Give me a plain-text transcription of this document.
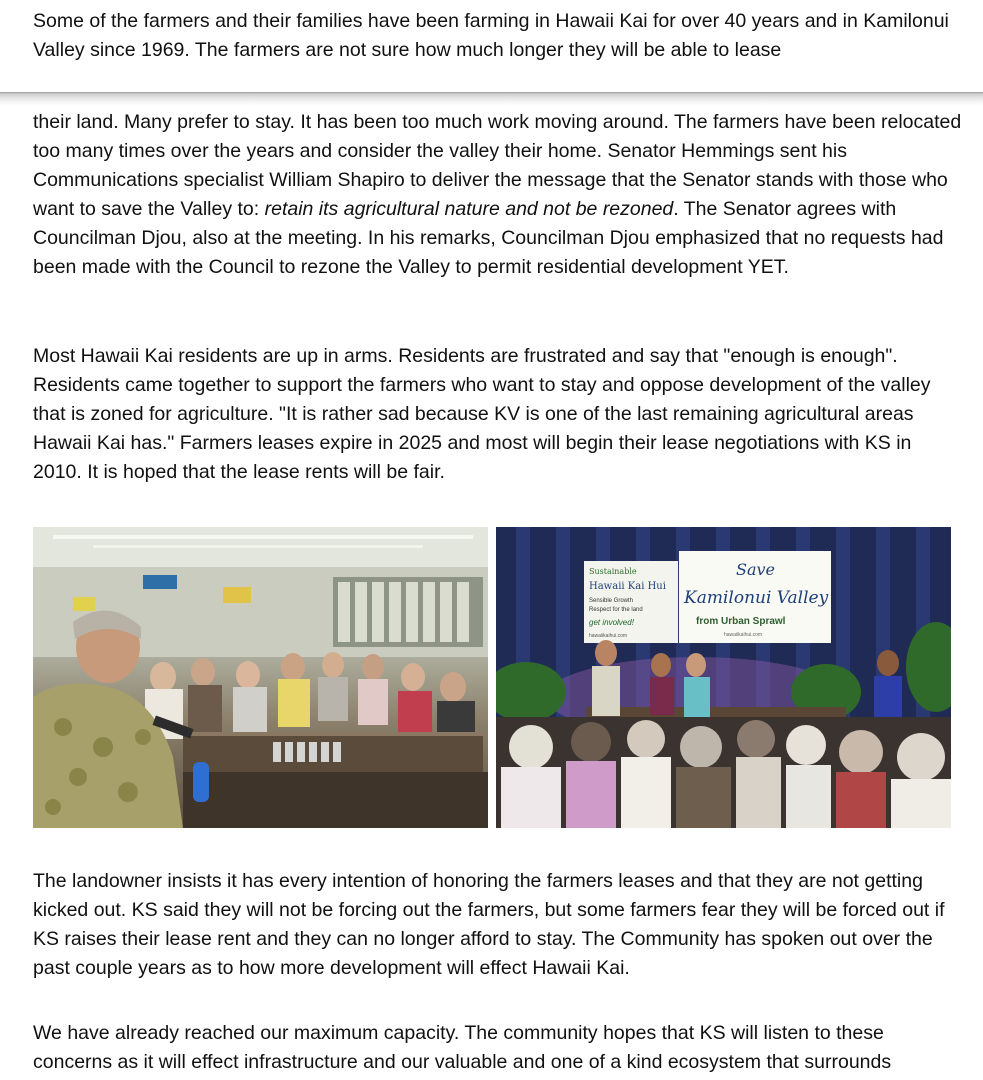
Some of the farmers and their families have been farming in Hawaii Kai for over 40 years and in Kamilonui Valley since 1969. The farmers are not sure how much longer they will be able to lease

their land. Many prefer to stay. It has been too much work moving around. The farmers have been relocated too many times over the years and consider the valley their home. Senator Hemmings sent his Communications specialist William Shapiro to deliver the message that the Senator stands with those who want to save the Valley to: retain its agricultural nature and not be rezoned. The Senator agrees with Councilman Djou, also at the meeting. In his remarks, Councilman Djou emphasized that no requests had been made with the Council to rezone the Valley to permit residential development YET.

Most Hawaii Kai residents are up in arms. Residents are frustrated and say that "enough is enough". Residents came together to support the farmers who want to stay and oppose development of the valley that is zoned for agriculture. "It is rather sad because KV is one of the last remaining agricultural areas Hawaii Kai has." Farmers leases expire in 2025 and most will begin their lease negotiations with KS in 2010. It is hoped that the lease rents will be fair.

Sustainable
Hawaii Kai Hui
Sensible Growth
Respect for the land
get involved!
hawaiikaihui.com
Save
Kamilonui Valley
from Urban Sprawl
hawaiikaihui.com

The landowner insists it has every intention of honoring the farmers leases and that they are not getting kicked out. KS said they will not be forcing out the farmers, but some farmers fear they will be forced out if KS raises their lease rent and they can no longer afford to stay. The Community has spoken out over the past couple years as to how more development will effect Hawaii Kai.

We have already reached our maximum capacity. The community hopes that KS will listen to these concerns as it will effect infrastructure and our valuable and one of a kind ecosystem that surrounds
